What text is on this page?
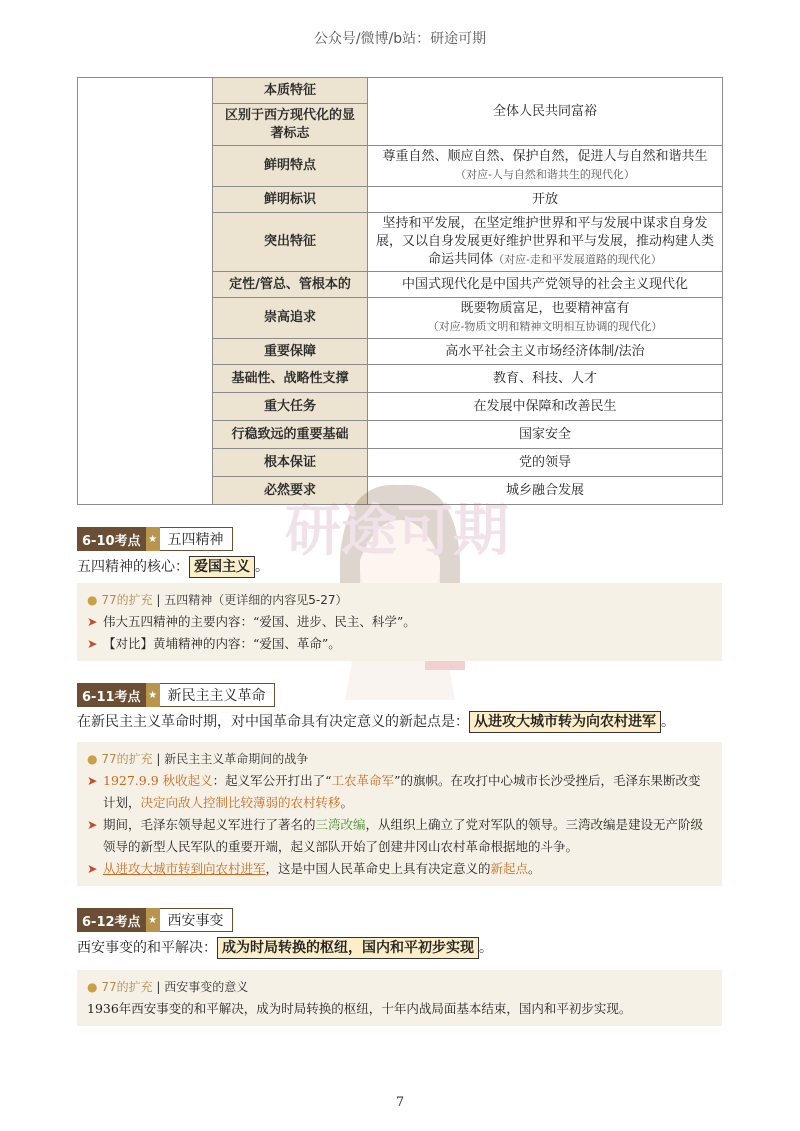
公众号/微博/b站：研途可期
	本质特征	全体人民共同富裕
	区别于西方现代化的显著标志	
	鲜明特点	尊重自然、顺应自然、保护自然，促进人与自然和谐共生（对应-人与自然和谐共生的现代化）
	鲜明标识	开放
	突出特征	坚持和平发展，在坚定维护世界和平与发展中谋求自身发展，又以自身发展更好维护世界和平与发展，推动构建人类命运共同体（对应-走和平发展道路的现代化）
	定性/管总、管根本的	中国式现代化是中国共产党领导的社会主义现代化
	崇高追求	既要物质富足，也要精神富有
（对应-物质文明和精神文明相互协调的现代化）

	重要保障	高水平社会主义市场经济体制/法治
	基础性、战略性支撑	教育、科技、人才
	重大任务	在发展中保障和改善民生
	行稳致远的重要基础	国家安全
	根本保证	党的领导
	必然要求	城乡融合发展
研途可期
6-10考点 ★ 五四精神
五四精神的核心： 爱国主义 。
● 77的扩充 | 五四精神（更详细的内容见5-27）
➤ 伟大五四精神的主要内容：“爱国、进步、民主、科学”。
➤ 【对比】黄埔精神的内容：“爱国、革命”。
6-11考点 ★ 新民主主义革命
在新民主主义革命时期，对中国革命具有决定意义的新起点是： 从进攻大城市转为向农村进军 。
● 77的扩充 | 新民主主义革命期间的战争
➤ 1927.9.9 秋收起义：起义军公开打出了“工农革命军”的旗帜。在攻打中心城市长沙受挫后，毛泽东果断改变计划，决定向敌人控制比较薄弱的农村转移。
➤ 期间，毛泽东领导起义军进行了著名的三湾改编，从组织上确立了党对军队的领导。三湾改编是建设无产阶级领导的新型人民军队的重要开端，起义部队开始了创建井冈山农村革命根据地的斗争。
➤ 从进攻大城市转到向农村进军，这是中国人民革命史上具有决定意义的新起点。
6-12考点 ★ 西安事变
西安事变的和平解决： 成为时局转换的枢纽，国内和平初步实现 。
● 77的扩充 | 西安事变的意义
1936年西安事变的和平解决，成为时局转换的枢纽，十年内战局面基本结束，国内和平初步实现。
7
